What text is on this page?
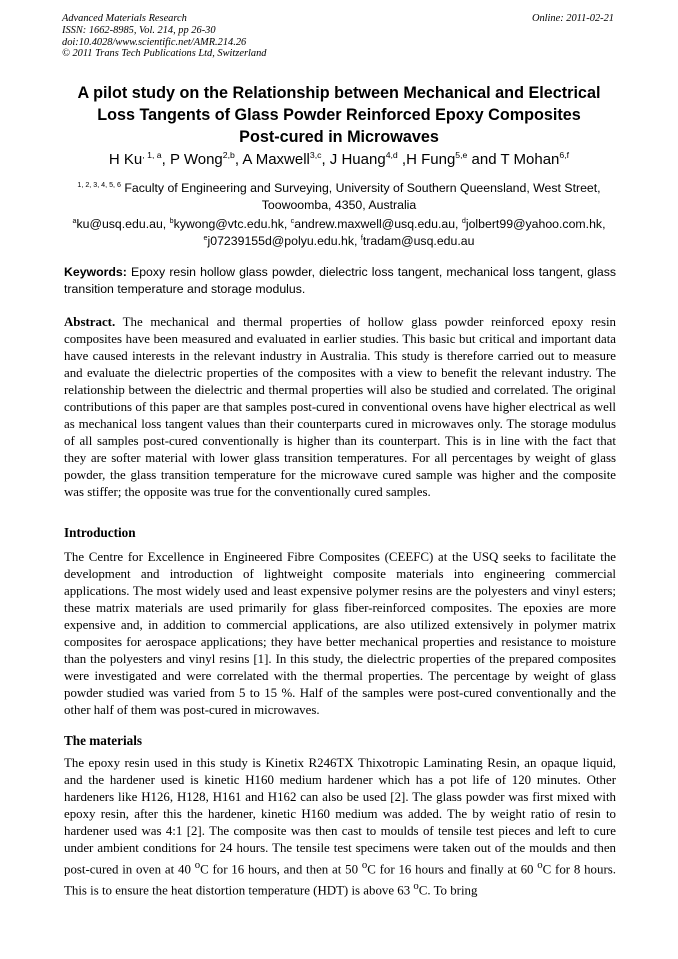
Advanced Materials Research
ISSN: 1662-8985, Vol. 214, pp 26-30
doi:10.4028/www.scientific.net/AMR.214.26
© 2011 Trans Tech Publications Ltd, Switzerland
Online: 2011-02-21
A pilot study on the Relationship between Mechanical and Electrical
Loss Tangents of Glass Powder Reinforced Epoxy Composites
Post-cured in Microwaves
H $Ku^{, 1, a}$, P Wong$^{2,b}$, A Maxwell$^{3,c}$, J Huang$^{4,d}$ ,H Fung$^{5,e}$ and T Mohan$^{6,f}$
$^{1, 2, 3, 4, 5, 6}$ Faculty of Engineering and Surveying, University of Southern Queensland, West Street,
Toowoomba, 4350, Australia
$^a$ku@usq.edu.au, $^b$kywong@vtc.edu.hk, $^c$andrew.maxwell@usq.edu.au, $^d$jolbert99@yahoo.com.hk,
$^e$j07239155d@polyu.edu.hk, $^f$tradam@usq.edu.au
Keywords: Epoxy resin hollow glass powder, dielectric loss tangent, mechanical loss tangent, glass transition temperature and storage modulus.
Abstract. The mechanical and thermal properties of hollow glass powder reinforced epoxy resin composites have been measured and evaluated in earlier studies. This basic but critical and important data have caused interests in the relevant industry in Australia. This study is therefore carried out to measure and evaluate the dielectric properties of the composites with a view to benefit the relevant industry. The relationship between the dielectric and thermal properties will also be studied and correlated. The original contributions of this paper are that samples post-cured in conventional ovens have higher electrical as well as mechanical loss tangent values than their counterparts cured in microwaves only. The storage modulus of all samples post-cured conventionally is higher than its counterpart. This is in line with the fact that they are softer material with lower glass transition temperatures. For all percentages by weight of glass powder, the glass transition temperature for the microwave cured sample was higher and the composite was stiffer; the opposite was true for the conventionally cured samples.
Introduction
The Centre for Excellence in Engineered Fibre Composites (CEEFC) at the USQ seeks to facilitate the development and introduction of lightweight composite materials into engineering commercial applications. The most widely used and least expensive polymer resins are the polyesters and vinyl esters; these matrix materials are used primarily for glass fiber-reinforced composites. The epoxies are more expensive and, in addition to commercial applications, are also utilized extensively in polymer matrix composites for aerospace applications; they have better mechanical properties and resistance to moisture than the polyesters and vinyl resins [1]. In this study, the dielectric properties of the prepared composites were investigated and were correlated with the thermal properties. The percentage by weight of glass powder studied was varied from 5 to 15 %. Half of the samples were post-cured conventionally and the other half of them was post-cured in microwaves.
The materials
The epoxy resin used in this study is Kinetix R246TX Thixotropic Laminating Resin, an opaque liquid, and the hardener used is kinetic H160 medium hardener which has a pot life of 120 minutes. Other hardeners like H126, H128, H161 and H162 can also be used [2]. The glass powder was first mixed with epoxy resin, after this the hardener, kinetic H160 medium was added. The by weight ratio of resin to hardener used was 4:1 [2]. The composite was then cast to moulds of tensile test pieces and left to cure under ambient conditions for 24 hours. The tensile test specimens were taken out of the moulds and then post-cured in oven at 40 $^o$C for 16 hours, and then at 50 $^o$C for 16 hours and finally at 60 $^o$C for 8 hours. This is to ensure the heat distortion temperature (HDT) is above 63 $^o$C. To bring
